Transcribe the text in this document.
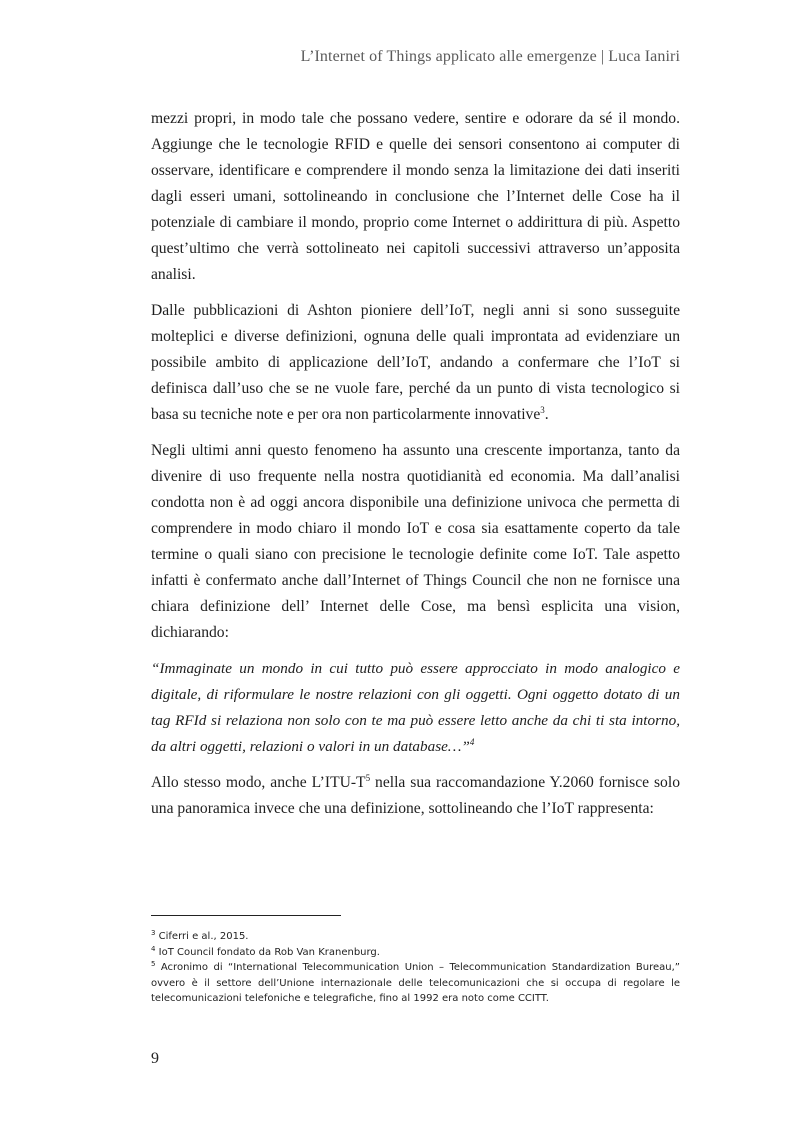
L’Internet of Things applicato alle emergenze | Luca Ianiri

mezzi propri, in modo tale che possano vedere, sentire e odorare da sé il mondo. Aggiunge che le tecnologie RFID e quelle dei sensori consentono ai computer di osservare, identificare e comprendere il mondo senza la limitazione dei dati inseriti dagli esseri umani, sottolineando in conclusione che l’Internet delle Cose ha il potenziale di cambiare il mondo, proprio come Internet o addirittura di più. Aspetto quest’ultimo che verrà sottolineato nei capitoli successivi attraverso un’apposita analisi.

Dalle pubblicazioni di Ashton pioniere dell’IoT, negli anni si sono susseguite molteplici e diverse definizioni, ognuna delle quali improntata ad evidenziare un possibile ambito di applicazione dell’IoT, andando a confermare che l’IoT si definisca dall’uso che se ne vuole fare, perché da un punto di vista tecnologico si basa su tecniche note e per ora non particolarmente innovative$^3$.

Negli ultimi anni questo fenomeno ha assunto una crescente importanza, tanto da divenire di uso frequente nella nostra quotidianità ed economia. Ma dall’analisi condotta non è ad oggi ancora disponibile una definizione univoca che permetta di comprendere in modo chiaro il mondo IoT e cosa sia esattamente coperto da tale termine o quali siano con precisione le tecnologie definite come IoT. Tale aspetto infatti è confermato anche dall’Internet of Things Council che non ne fornisce una chiara definizione dell’ Internet delle Cose, ma bensì esplicita una vision, dichiarando:

“Immaginate un mondo in cui tutto può essere approcciato in modo analogico e digitale, di riformulare le nostre relazioni con gli oggetti. Ogni oggetto dotato di un tag RFId si relaziona non solo con te ma può essere letto anche da chi ti sta intorno, da altri oggetti, relazioni o valori in un database…”$^4$

Allo stesso modo, anche $L’ITU-T^5$ nella sua raccomandazione Y.2060 fornisce solo una panoramica invece che una definizione, sottolineando che l’IoT rappresenta:

$^3$ Ciferri e al., 2015.

$^4$ IoT Council fondato da Rob Van Kranenburg.

$^5$ Acronimo di “International Telecommunication Union – Telecommunication Standardization Bureau,” ovvero è il settore dell’Unione internazionale delle telecomunicazioni che si occupa di regolare le telecomunicazioni telefoniche e telegrafiche, fino al 1992 era noto come CCITT.

9
